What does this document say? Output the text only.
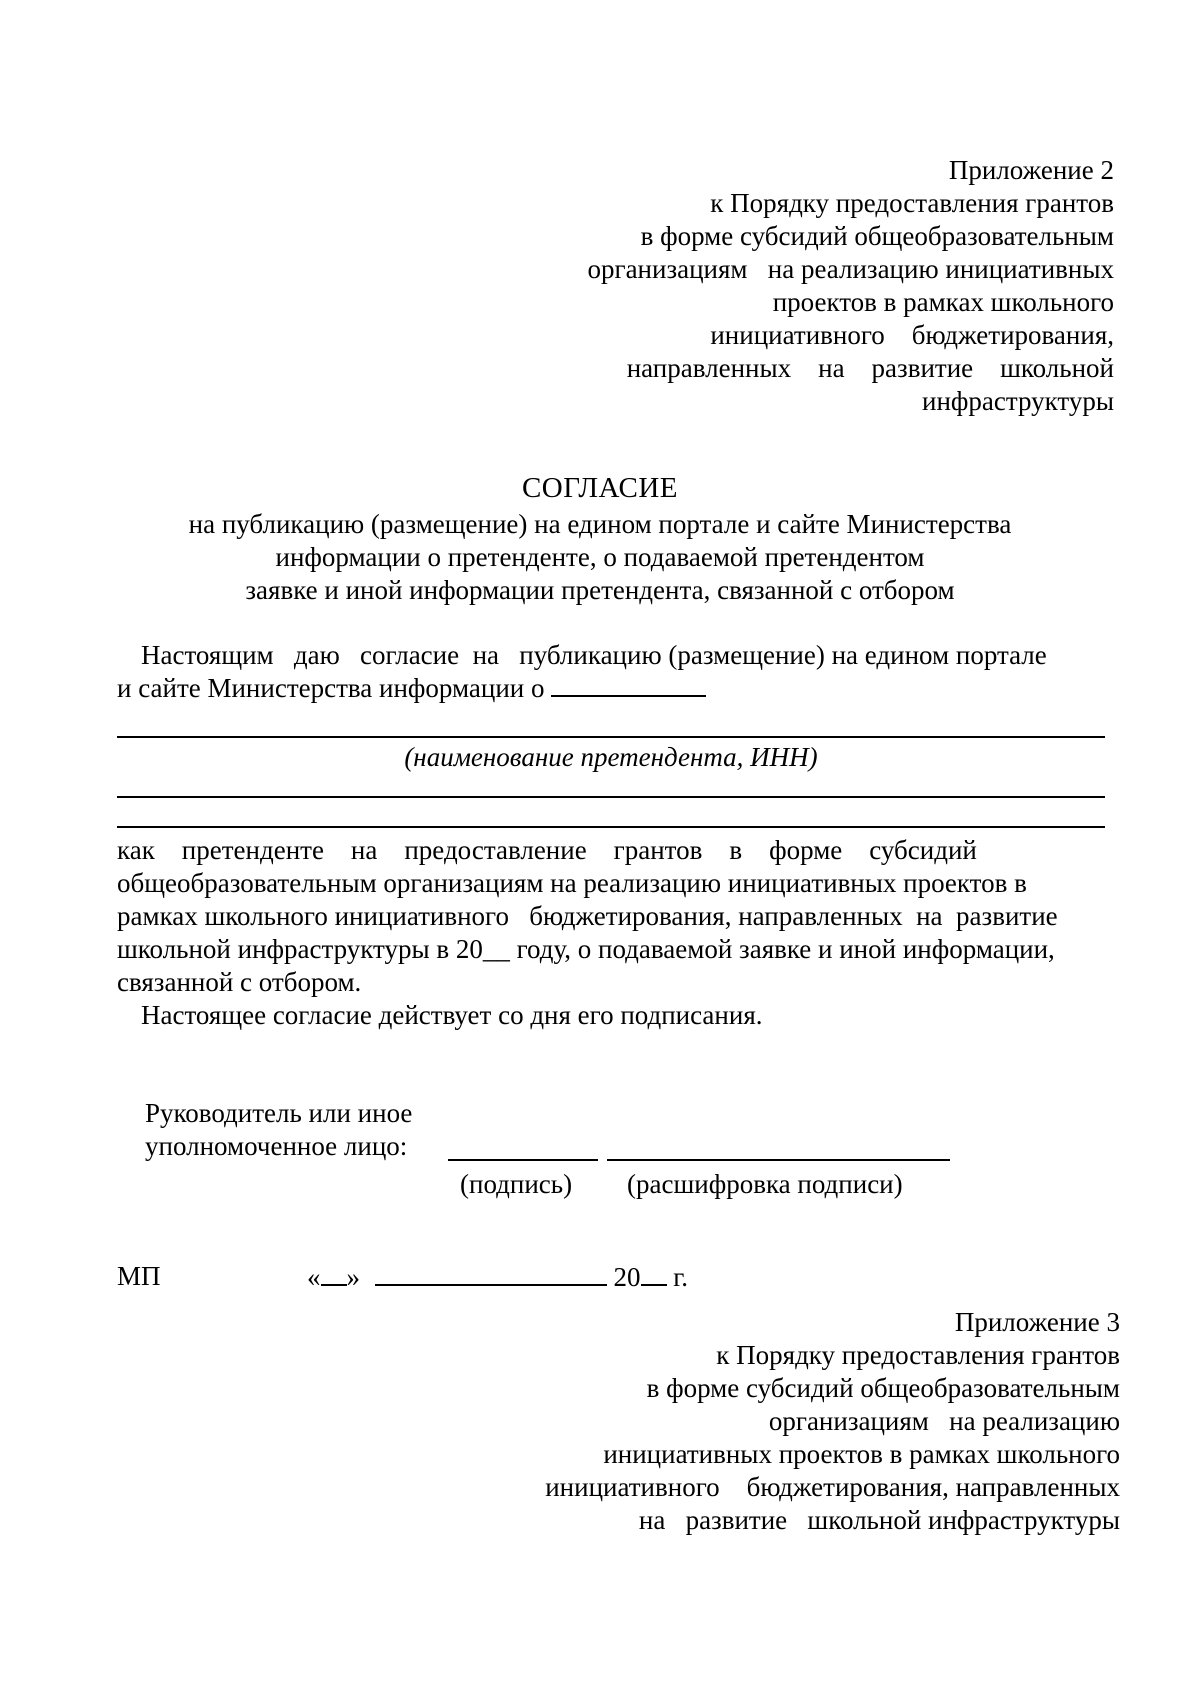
Приложение 2
к Порядку предоставления грантов
в форме субсидий общеобразовательным
организациям   на реализацию инициативных
проектов в рамках школьного
инициативного    бюджетирования,
направленных    на    развитие    школьной
инфраструктуры
СОГЛАСИЕ
на публикацию (размещение) на едином портале и сайте Министерства
информации о претенденте, о подаваемой претендентом
заявке и иной информации претендента, связанной с отбором
Настоящим   даю   согласие  на   публикацию (размещение) на едином портале
и сайте Министерства информации о
(наименование претендента, ИНН)
как    претенденте    на    предоставление    грантов    в    форме    субсидий
общеобразовательным организациям на реализацию инициативных проектов в
рамках школьного инициативного   бюджетирования, направленных  на  развитие
школьной инфраструктуры в 20__ году, о подаваемой заявке и иной информации,
связанной с отбором.
Настоящее согласие действует со дня его подписания.
Руководитель или иное
уполномоченное лицо:
(подпись) (расшифровка подписи)
МП	« »	20 г.
Приложение 3
к Порядку предоставления грантов
в форме субсидий общеобразовательным
организациям   на реализацию
инициативных проектов в рамках школьного
инициативного    бюджетирования, направленных
на   развитие   школьной инфраструктуры
